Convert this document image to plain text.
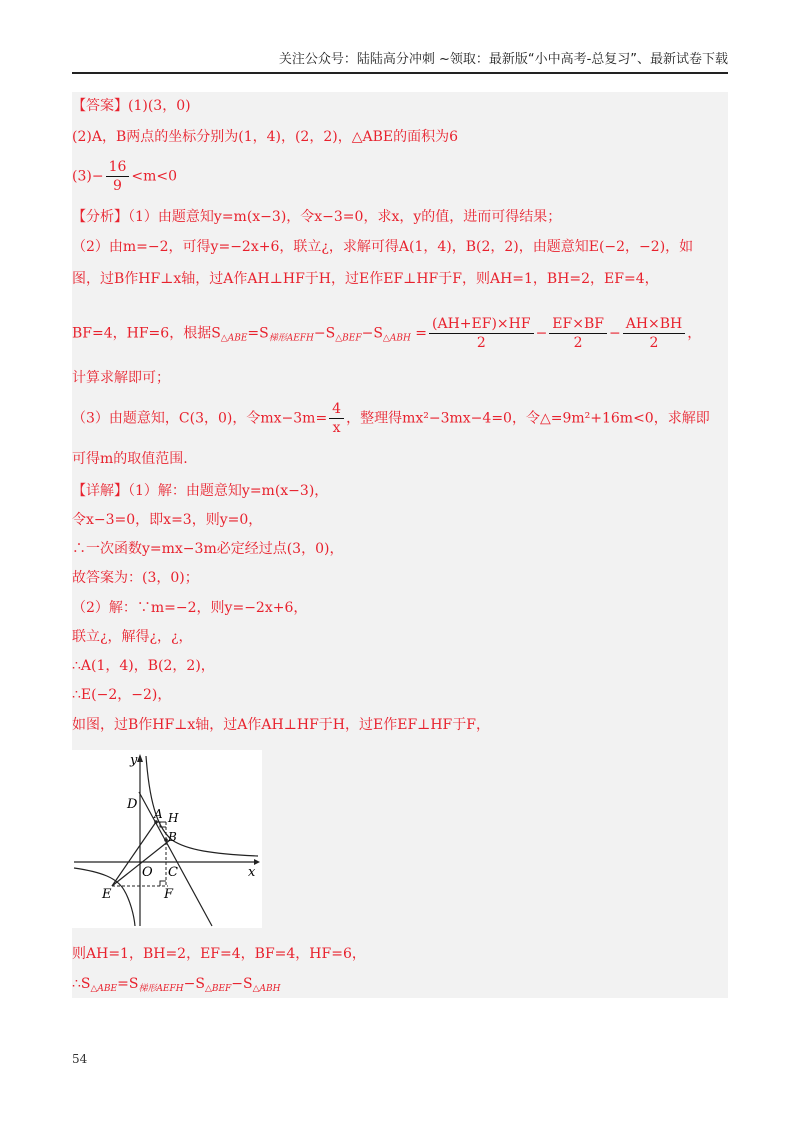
关注公众号：陆陆高分冲刺 ~领取：最新版“小中高考-总复习”、最新试卷下载
【答案】(1)(3，0)
(2)A，B两点的坐标分别为(1，4)，(2，2)，△ABE的面积为6
$(3)- \frac{16}{9} <m<0$
【分析】（1）由题意知y=m(x−3)，令x−3=0，求x，y的值，进而可得结果；
（2）由m=−2，可得y=−2x+6，联立¿，求解可得A(1，4)，B(2，2)，由题意知E(−2，−2)，如
图，过B作HF⊥x轴，过A作AH⊥HF于H，过E作EF⊥HF于F，则AH=1，BH=2，EF=4，
BF=4，HF=6，根据$S_{\triangle ABE}=S_{梯形AEFH}-S_{\triangle BEF}-S_{\triangle ABH} = \frac{(AH+EF)\times HF}{2} - \frac{EF\times BF}{2} - \frac{AH\times BH}{2}$ ，
计算求解即可；
（3）由题意知，C(3，0)，令$mx-3m= \frac{4}{x}$ ，整理得mx²−3mx−4=0，令△=9m²+16m<0，求解即
可得m的取值范围.
【详解】（1）解：由题意知y=m(x−3)，
令x−3=0，即x=3，则y=0，
∴一次函数y=mx−3m必定经过点(3，0)，
故答案为：(3，0)；
（2）解：∵m=−2，则y=−2x+6，
联立¿，解得¿，¿，
∴A(1，4)，B(2，2)，
∴E(−2，−2)，
如图，过B作HF⊥x轴，过A作AH⊥HF于H，过E作EF⊥HF于F，
y
x
D
A H
B
O C
E	F
则AH=1，BH=2，EF=4，BF=4，HF=6，
$\therefore S_{\triangle ABE}=S_{梯形AEFH}-S_{\triangle BEF}-S_{\triangle ABH}$
54
